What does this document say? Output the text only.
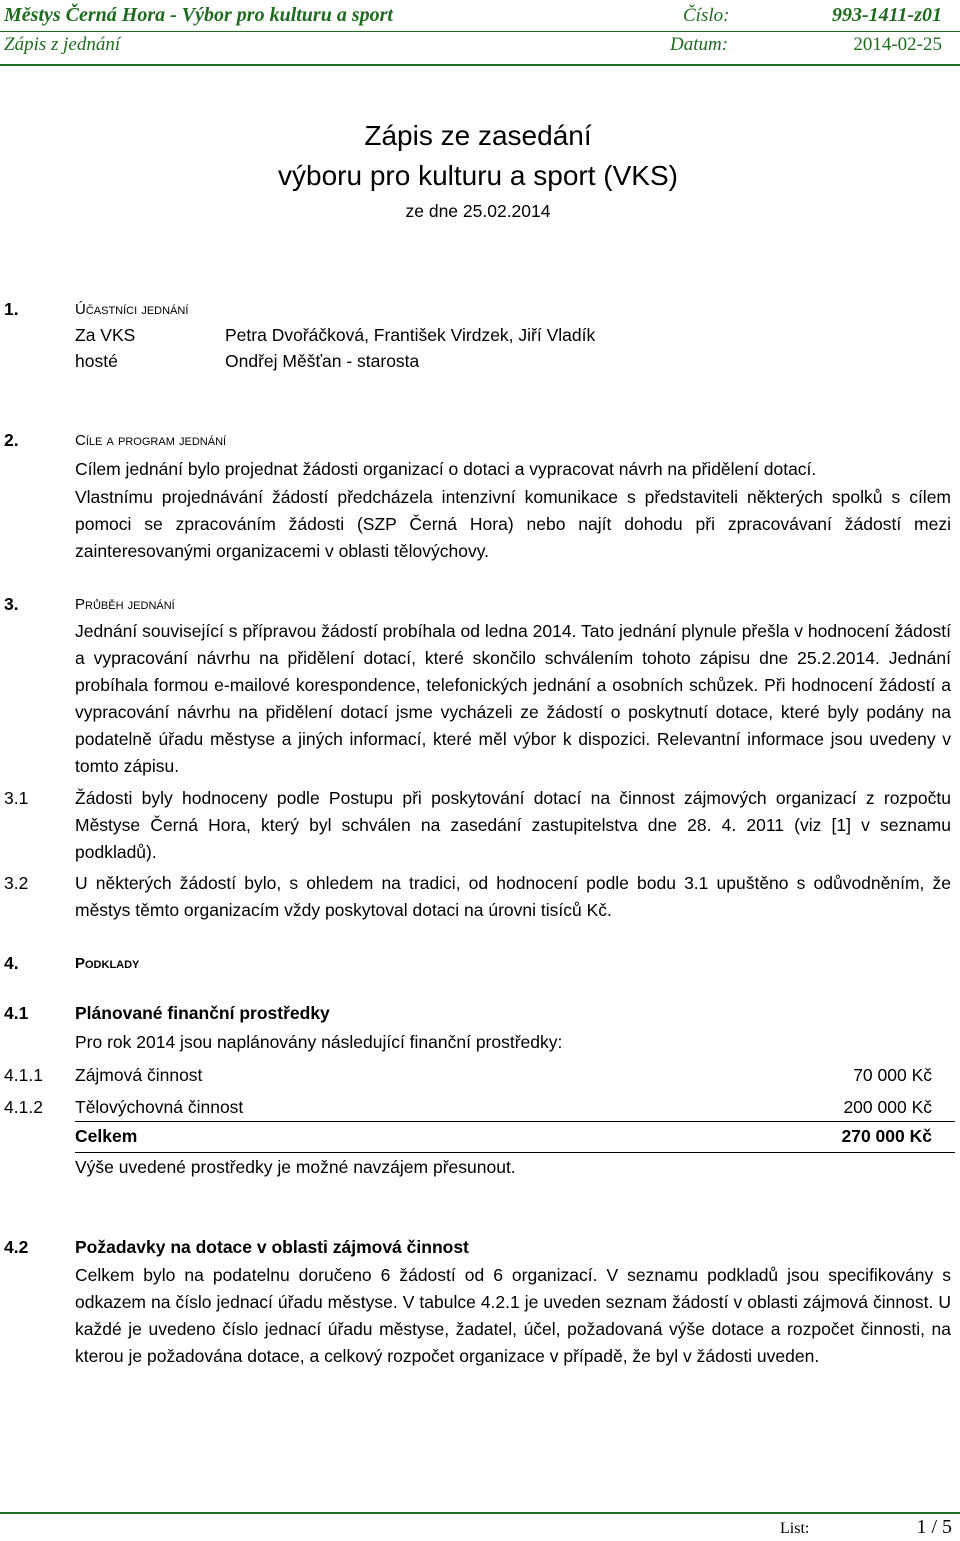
Městys Černá Hora - Výbor pro kulturu a sport	Číslo:	993-1411-z01
Zápis z jednání	Datum:	2014-02-25
Zápis ze zasedání
výboru pro kulturu a sport (VKS)
ze dne 25.02.2014
1.	Účastníci jednání
Za VKS	Petra Dvořáčková, František Virdzek, Jiří Vladík
hosté	Ondřej Měšťan - starosta
2.	Cíle a program jednání
Cílem jednání bylo projednat žádosti organizací o dotaci a vypracovat návrh na přidělení dotací.
Vlastnímu projednávání žádostí předcházela intenzivní komunikace s představiteli některých spolků s cílem pomoci se zpracováním žádosti (SZP Černá Hora) nebo najít dohodu při zpracovávaní žádostí mezi zainteresovanými organizacemi v oblasti tělovýchovy.
3.	Průběh jednání
Jednání související s přípravou žádostí probíhala od ledna 2014. Tato jednání plynule přešla v hodnocení žádostí a vypracování návrhu na přidělení dotací, které skončilo schválením tohoto zápisu dne 25.2.2014. Jednání probíhala formou e-mailové korespondence, telefonických jednání a osobních schůzek. Při hodnocení žádostí a vypracování návrhu na přidělení dotací jsme vycházeli ze žádostí o poskytnutí dotace, které byly podány na podatelně úřadu městyse a jiných informací, které měl výbor k dispozici. Relevantní informace jsou uvedeny v tomto zápisu.
3.1	Žádosti byly hodnoceny podle Postupu při poskytování dotací na činnost zájmových organizací z rozpočtu Městyse Černá Hora, který byl schválen na zasedání zastupitelstva dne 28. 4. 2011 (viz [1] v seznamu podkladů).
3.2	U některých žádostí bylo, s ohledem na tradici, od hodnocení podle bodu 3.1 upuštěno s odůvodněním, že městys těmto organizacím vždy poskytoval dotaci na úrovni tisíců Kč.
4.	Podklady
4.1	Plánované finanční prostředky
Pro rok 2014 jsou naplánovány následující finanční prostředky:
4.1.1 Zájmová činnost	70 000 Kč
4.1.2 Tělovýchovná činnost	200 000 Kč
Celkem	270 000 Kč
Výše uvedené prostředky je možné navzájem přesunout.
4.2	Požadavky na dotace v oblasti zájmová činnost
Celkem bylo na podatelnu doručeno 6 žádostí od 6 organizací. V seznamu podkladů jsou specifikovány s odkazem na číslo jednací úřadu městyse. V tabulce 4.2.1 je uveden seznam žádostí v oblasti zájmová činnost. U každé je uvedeno číslo jednací úřadu městyse, žadatel, účel, požadovaná výše dotace a rozpočet činnosti, na kterou je požadována dotace, a celkový rozpočet organizace v případě, že byl v žádosti uveden.
List:	1 / 5
